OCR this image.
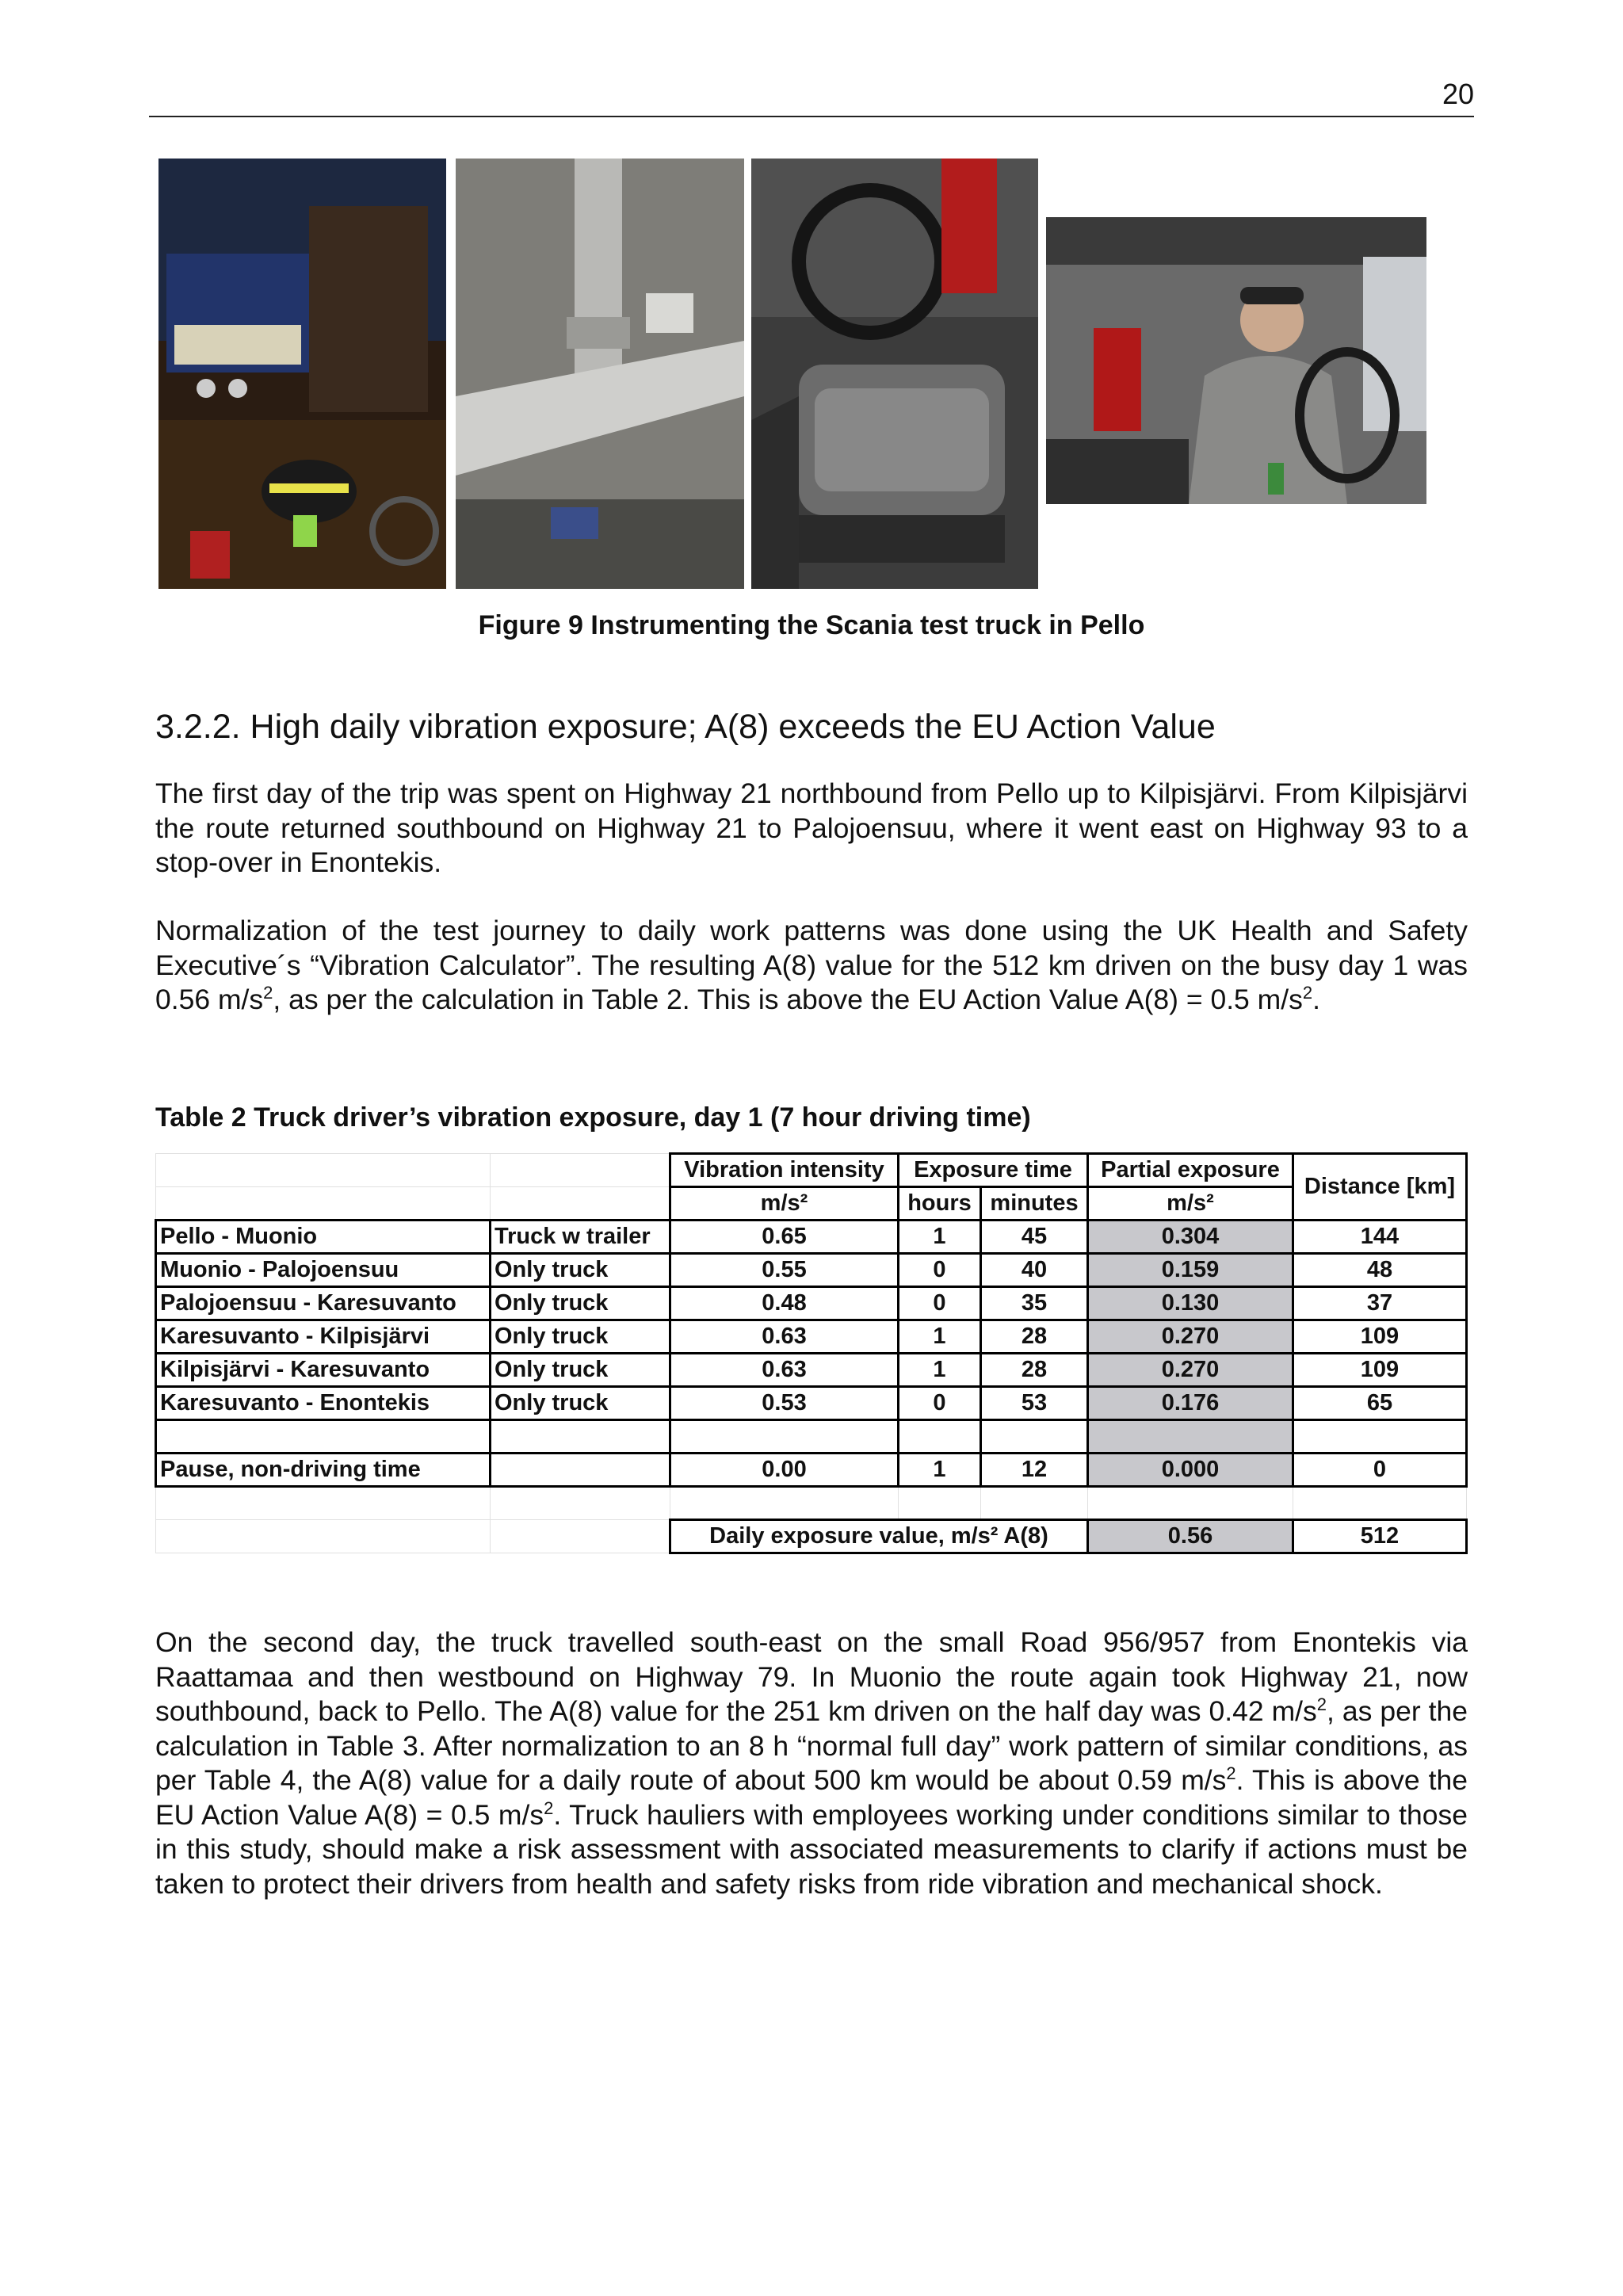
20
Figure 9 Instrumenting the Scania test truck in Pello
3.2.2. High daily vibration exposure; A(8) exceeds the EU Action Value

The first day of the trip was spent on Highway 21 northbound from Pello up to Kilpisjärvi. From Kilpisjärvi the route returned southbound on Highway 21 to Palojoensuu, where it went east on Highway 93 to a stop-over in Enontekis.

Normalization of the test journey to daily work patterns was done using the UK Health and Safety Executive´s “Vibration Calculator”. The resulting A(8) value for the 512 km driven on the busy day 1 was 0.56 $m/s^2$, as per the calculation in Table 2. This is above the EU Action Value A(8) = 0.5 $m/s^2$.

Table 2 Truck driver’s vibration exposure, day 1 (7 hour driving time)
		Vibration intensity	Exposure time		Partial exposure	Distance [km]
		m/s²	hours	minutes	m/s²	
Pello - Muonio	Truck w trailer	0.65	1	45	0.304	144
Muonio - Palojoensuu	Only truck	0.55	0	40	0.159	48
Palojoensuu - Karesuvanto	Only truck	0.48	0	35	0.130	37
Karesuvanto - Kilpisjärvi	Only truck	0.63	1	28	0.270	109
Kilpisjärvi - Karesuvanto	Only truck	0.63	1	28	0.270	109
Karesuvanto - Enontekis	Only truck	0.53	0	53	0.176	65

Pause, non-driving time		0.00	1	12	0.000	0

		Daily exposure value, m/s² A(8)			0.56	512

On the second day, the truck travelled south-east on the small Road 956/957 from Enontekis via Raattamaa and then westbound on Highway 79. In Muonio the route again took Highway 21, now southbound, back to Pello. The A(8) value for the 251 km driven on the half day was 0.42 $m/s^2$, as per the calculation in Table 3. After normalization to an 8 h “normal full day” work pattern of similar conditions, as per Table 4, the A(8) value for a daily route of about 500 km would be about 0.59 $m/s^2$. This is above the EU Action Value A(8) = 0.5 $m/s^2$. Truck hauliers with employees working under conditions similar to those in this study, should make a risk assessment with associated measurements to clarify if actions must be taken to protect their drivers from health and safety risks from ride vibration and mechanical shock.
